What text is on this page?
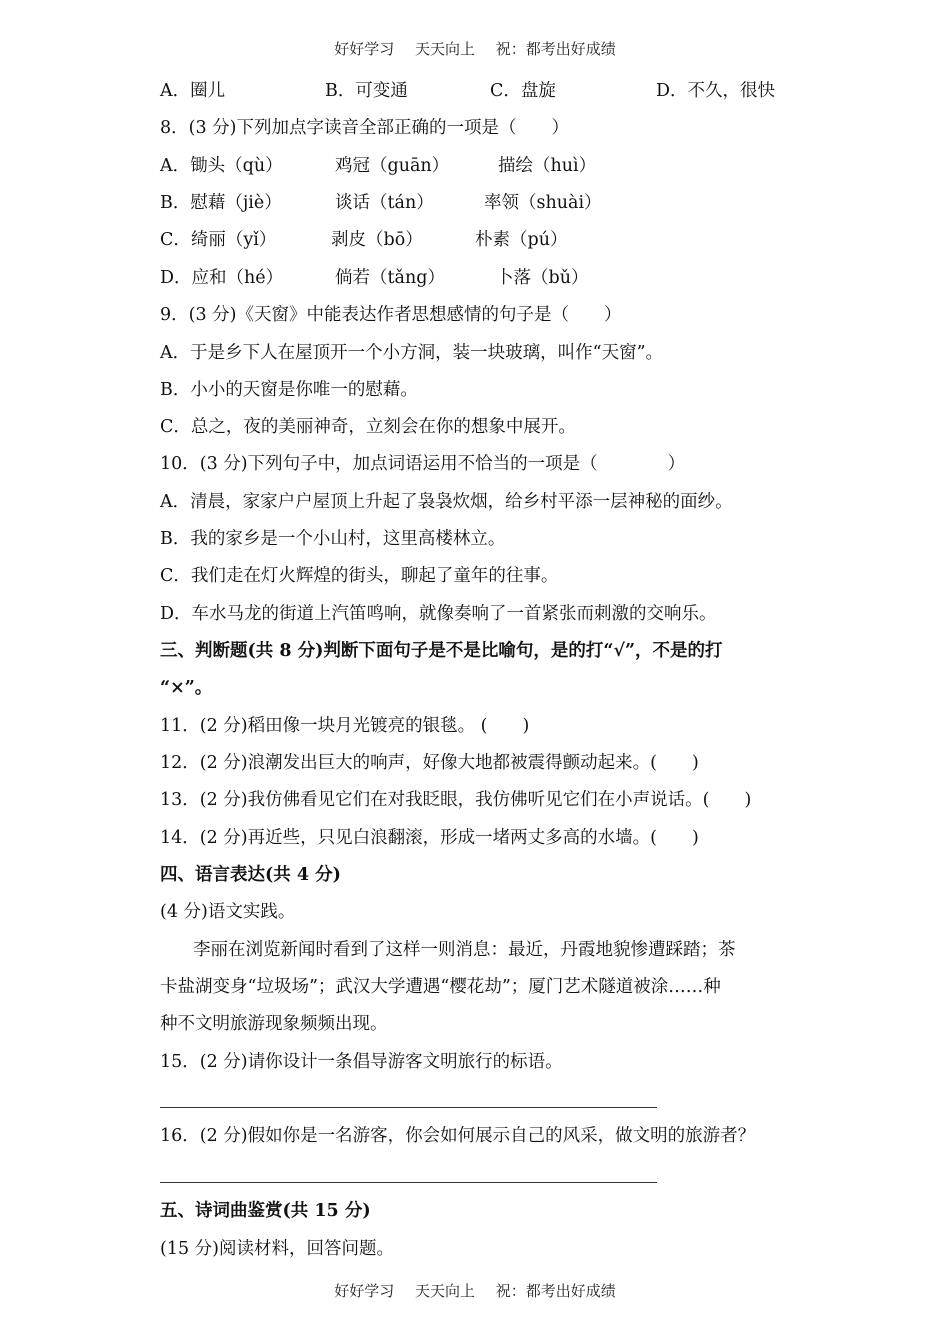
好好学习 天天向上 祝：都考出好成绩
A．圈儿	B．可变通	C．盘旋	D．不久，很快
8．(3 分)下列加点字读音全部正确的一项是（　　）
A．锄头（qù）	鸡冠（guān）	描绘（huì）
B．慰藉（jiè）	谈话（tán）	率领（shuài）
C．绮丽（yǐ）	剥皮（bō）	朴素（pú）
D．应和（hé）	倘若（tǎng）	卜落（bǔ）
9．(3 分)《天窗》中能表达作者思想感情的句子是（　　）
A．于是乡下人在屋顶开一个小方洞，装一块玻璃，叫作“天窗”。
B．小小的天窗是你唯一的慰藉。
C．总之，夜的美丽神奇，立刻会在你的想象中展开。
10．(3 分)下列句子中，加点词语运用不恰当的一项是（　　　　）
A．清晨，家家户户屋顶上升起了袅袅炊烟，给乡村平添一层神秘的面纱。
B．我的家乡是一个小山村，这里高楼林立。
C．我们走在灯火辉煌的街头，聊起了童年的往事。
D．车水马龙的街道上汽笛鸣响，就像奏响了一首紧张而刺激的交响乐。
三、判断题(共 8 分)判断下面句子是不是比喻句，是的打“√”，不是的打
“×”。
11．(2 分)稻田像一块月光镀亮的银毯。 (　　)
12．(2 分)浪潮发出巨大的响声，好像大地都被震得颤动起来。(　　)
13．(2 分)我仿佛看见它们在对我眨眼，我仿佛听见它们在小声说话。(　　)
14．(2 分)再近些，只见白浪翻滚，形成一堵两丈多高的水墙。(　　)
四、语言表达(共 4 分)
(4 分)语文实践。
李丽在浏览新闻时看到了这样一则消息：最近，丹霞地貌惨遭踩踏；茶
卡盐湖变身“垃圾场”；武汉大学遭遇“樱花劫”；厦门艺术隧道被涂……种
种不文明旅游现象频频出现。
15．(2 分)请你设计一条倡导游客文明旅行的标语。
16．(2 分)假如你是一名游客，你会如何展示自己的风采，做文明的旅游者？
五、诗词曲鉴赏(共 15 分)
(15 分)阅读材料，回答问题。
好好学习 天天向上 祝：都考出好成绩
